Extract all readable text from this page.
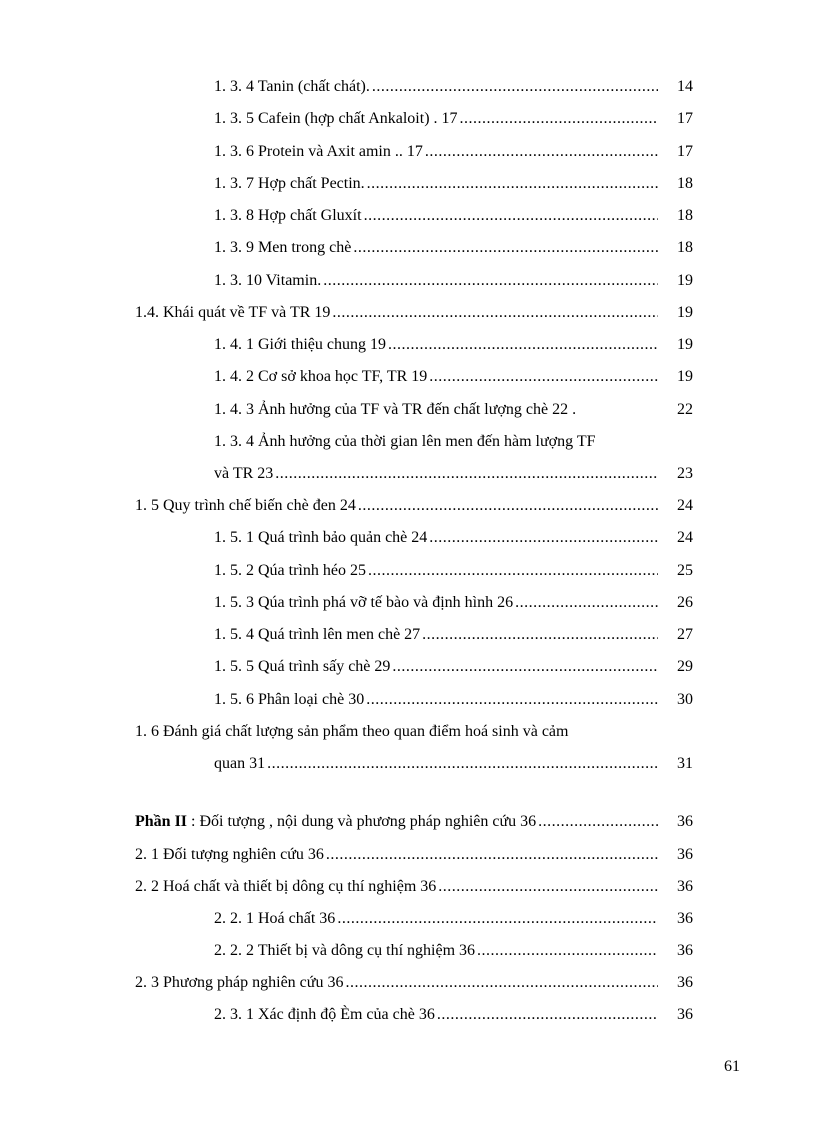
1. 3. 4 Tanin (chất chát). .....	14
1. 3. 5 Cafein (hợp chất Ankaloit) . 17 .....	17
1. 3. 6 Protein và Axit amin .. 17 .....	17
1. 3. 7 Hợp chất Pectin. .....	18
1. 3. 8 Hợp chất Gluxít .....	18
1. 3. 9 Men trong chè .....	18
1. 3. 10 Vitamin. .....	19
1.4. Khái quát về TF và TR 19 .....	19
1. 4. 1 Giới thiệu chung 19 .....	19
1. 4. 2 Cơ sở khoa học TF, TR 19 .....	19
1. 4. 3 Ảnh hưởng của TF và TR đến chất lượng chè 22 .	22
1. 3. 4 Ảnh hưởng của thời gian lên men đến hàm lượng TF
và TR 23 .....	23
1. 5 Quy trình chế biến chè đen 24 .....	24
1. 5. 1 Quá trình bảo quản chè 24 .....	24
1. 5. 2 Qúa trình héo 25 .....	25
1. 5. 3 Qúa trình phá vỡ tế bào và định hình 26 .....	26
1. 5. 4 Quá trình lên men chè 27 .....	27
1. 5. 5 Quá trình sấy chè 29 .....	29
1. 5. 6 Phân loại chè 30 .....	30
1. 6 Đánh giá chất lượng sản phẩm theo quan điểm hoá sinh và cảm
quan 31 .....	31
Phần II : Đối tượng , nội dung và phương pháp nghiên cứu 36 .....	36
2. 1 Đối tượng nghiên cứu 36 .....	36
2. 2 Hoá chất và thiết bị dông cụ thí nghiệm 36 .....	36
2. 2. 1 Hoá chất 36 .....	36
2. 2. 2 Thiết bị và dông cụ thí nghiệm 36 .....	36
2. 3 Phương pháp nghiên cứu 36 .....	36
2. 3. 1 Xác định độ Èm của chè 36 .....	36
61
